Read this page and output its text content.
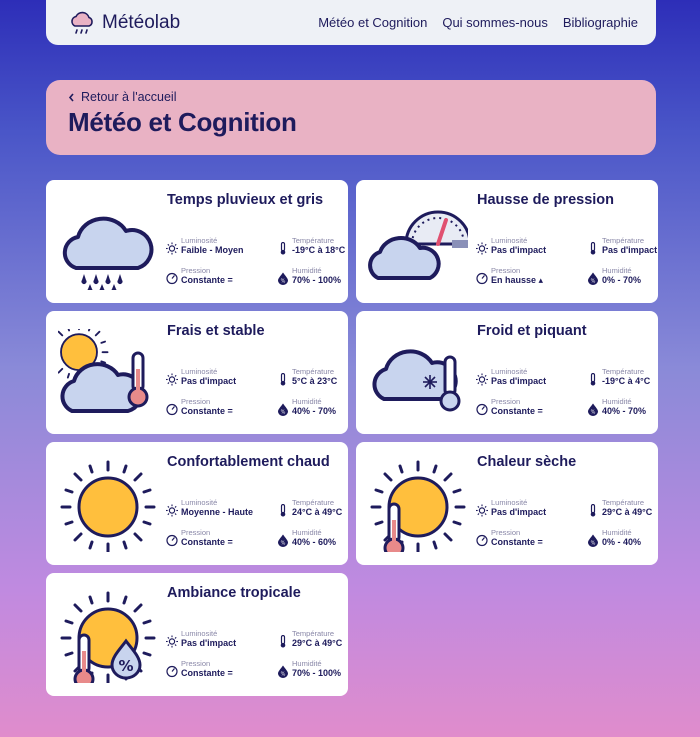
Météolab	Météo et Cognition Qui sommes-nous Bibliographie
Retour à l'accueil
Météo et Cognition
Temps pluvieux et gris
Luminosité
Faible - Moyen
Température
-19°C à 18°C
Pression
Constante =
Humidité
70% - 100%
Hausse de pression
Luminosité
Pas d'impact
Température
Pas d'impact
Pression
En hausse ▴
Humidité
0% - 70%
Frais et stable
Luminosité
Pas d'impact
Température
5°C à 23°C
Pression
Constante =
Humidité
40% - 70%
Froid et piquant
Luminosité
Pas d'impact
Température
-19°C à 4°C
Pression
Constante =
Humidité
40% - 70%
Confortablement chaud
Luminosité
Moyenne - Haute
Température
24°C à 49°C
Pression
Constante =
Humidité
40% - 60%
Chaleur sèche
Luminosité
Pas d'impact
Température
29°C à 49°C
Pression
Constante =
Humidité
0% - 40%
%
Ambiance tropicale
Luminosité
Pas d'impact
Température
29°C à 49°C
Pression
Constante =
Humidité
70% - 100%
